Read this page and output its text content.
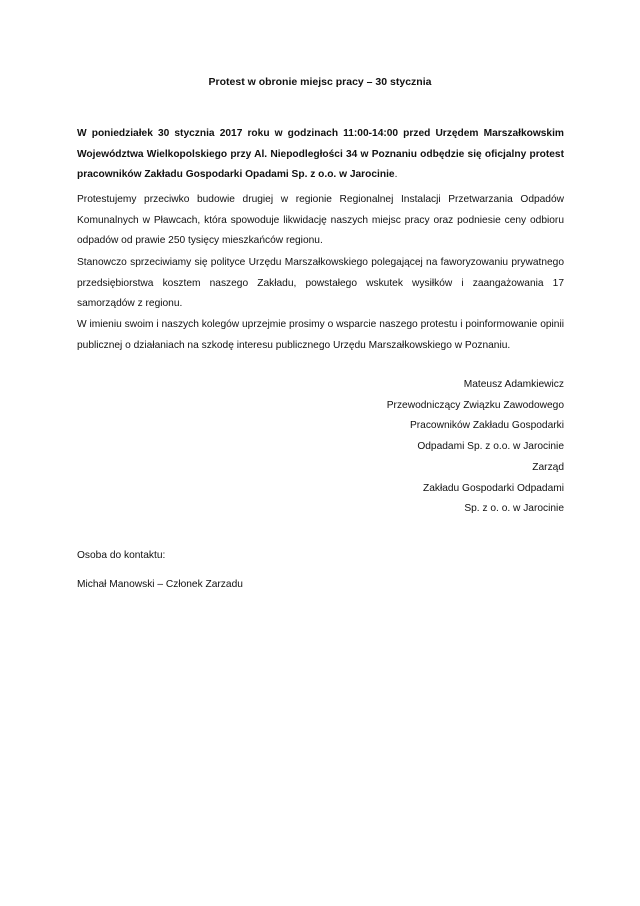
Protest w obronie miejsc pracy – 30 stycznia
W poniedziałek 30 stycznia 2017 roku w godzinach 11:00-14:00 przed Urzędem Marszałkowskim Województwa Wielkopolskiego przy Al. Niepodległości 34 w Poznaniu odbędzie się oficjalny protest pracowników Zakładu Gospodarki Opadami Sp. z o.o. w Jarocinie.
Protestujemy przeciwko budowie drugiej w regionie Regionalnej Instalacji Przetwarzania Odpadów Komunalnych w Pławcach, która spowoduje likwidację naszych miejsc pracy oraz podniesie ceny odbioru odpadów od prawie 250 tysięcy mieszkańców regionu.
Stanowczo sprzeciwiamy się polityce Urzędu Marszałkowskiego polegającej na faworyzowaniu prywatnego przedsiębiorstwa kosztem naszego Zakładu, powstałego wskutek wysiłków i zaangażowania 17 samorządów z regionu.
W imieniu swoim i naszych kolegów uprzejmie prosimy o wsparcie naszego protestu i poinformowanie opinii publicznej o działaniach na szkodę interesu publicznego Urzędu Marszałkowskiego w Poznaniu.
Mateusz Adamkiewicz
Przewodniczący Związku Zawodowego
Pracowników Zakładu Gospodarki
Odpadami Sp. z o.o. w Jarocinie
Zarząd
Zakładu Gospodarki Odpadami
Sp. z o. o. w Jarocinie
Osoba do kontaktu:
Michał Manowski – Członek Zarzadu
